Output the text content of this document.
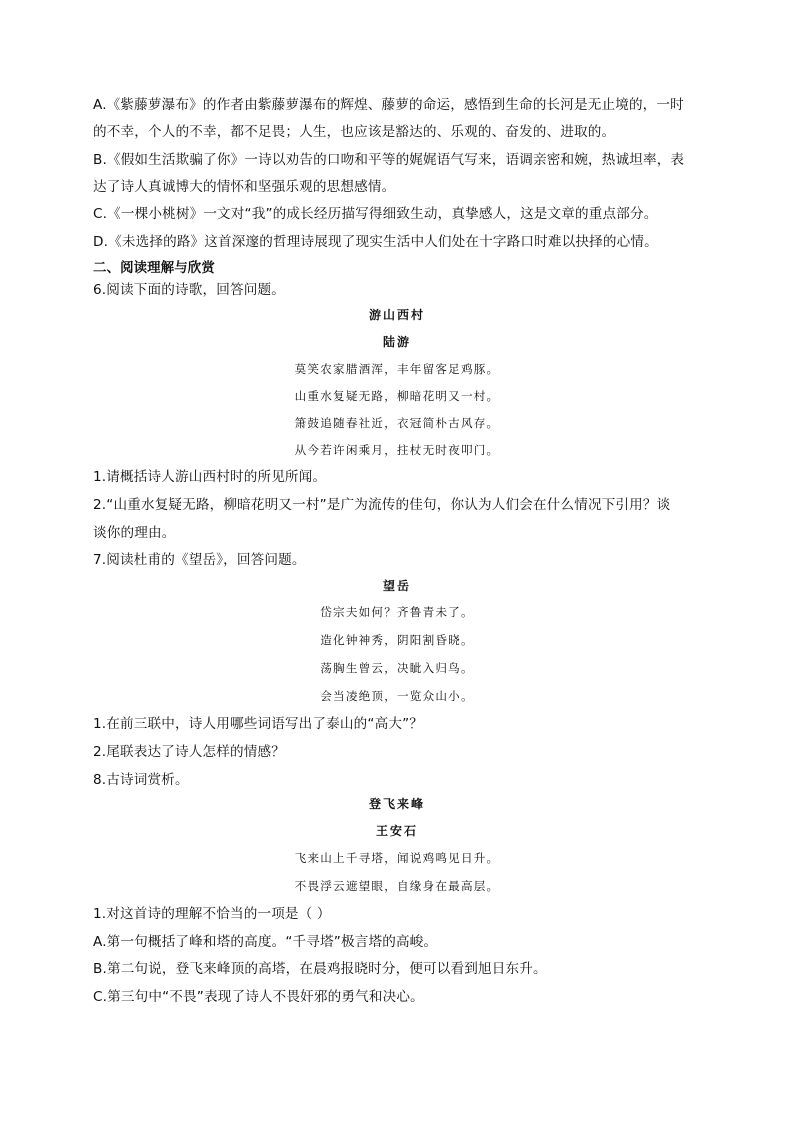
A.《紫藤萝瀑布》的作者由紫藤萝瀑布的辉煌、藤萝的命运，感悟到生命的长河是无止境的，一时
的不幸，个人的不幸，都不足畏；人生，也应该是豁达的、乐观的、奋发的、进取的。
B.《假如生活欺骗了你》一诗以劝告的口吻和平等的娓娓语气写来，语调亲密和婉，热诚坦率，表
达了诗人真诚博大的情怀和坚强乐观的思想感情。
C.《一棵小桃树》一文对“我”的成长经历描写得细致生动，真挚感人，这是文章的重点部分。
D.《未选择的路》这首深邃的哲理诗展现了现实生活中人们处在十字路口时难以抉择的心情。
二、阅读理解与欣赏
6.阅读下面的诗歌，回答问题。
游山西村
陆游
莫笑农家腊酒浑，丰年留客足鸡豚。
山重水复疑无路，柳暗花明又一村。
箫鼓追随春社近，衣冠简朴古风存。
从今若许闲乘月，拄杖无时夜叩门。
1.请概括诗人游山西村时的所见所闻。
2.“山重水复疑无路，柳暗花明又一村”是广为流传的佳句，你认为人们会在什么情况下引用？谈
谈你的理由。
7.阅读杜甫的《望岳》，回答问题。
望岳
岱宗夫如何？齐鲁青未了。
造化钟神秀，阴阳割昏晓。
荡胸生曾云，决眦入归鸟。
会当凌绝顶，一览众山小。
1.在前三联中，诗人用哪些词语写出了泰山的“高大”？
2.尾联表达了诗人怎样的情感？
8.古诗词赏析。
登飞来峰
王安石
飞来山上千寻塔，闻说鸡鸣见日升。
不畏浮云遮望眼，自缘身在最高层。
1.对这首诗的理解不恰当的一项是（ ）
A.第一句概括了峰和塔的高度。“千寻塔”极言塔的高峻。
B.第二句说，登飞来峰顶的高塔，在晨鸡报晓时分，便可以看到旭日东升。
C.第三句中“不畏”表现了诗人不畏奸邪的勇气和决心。
